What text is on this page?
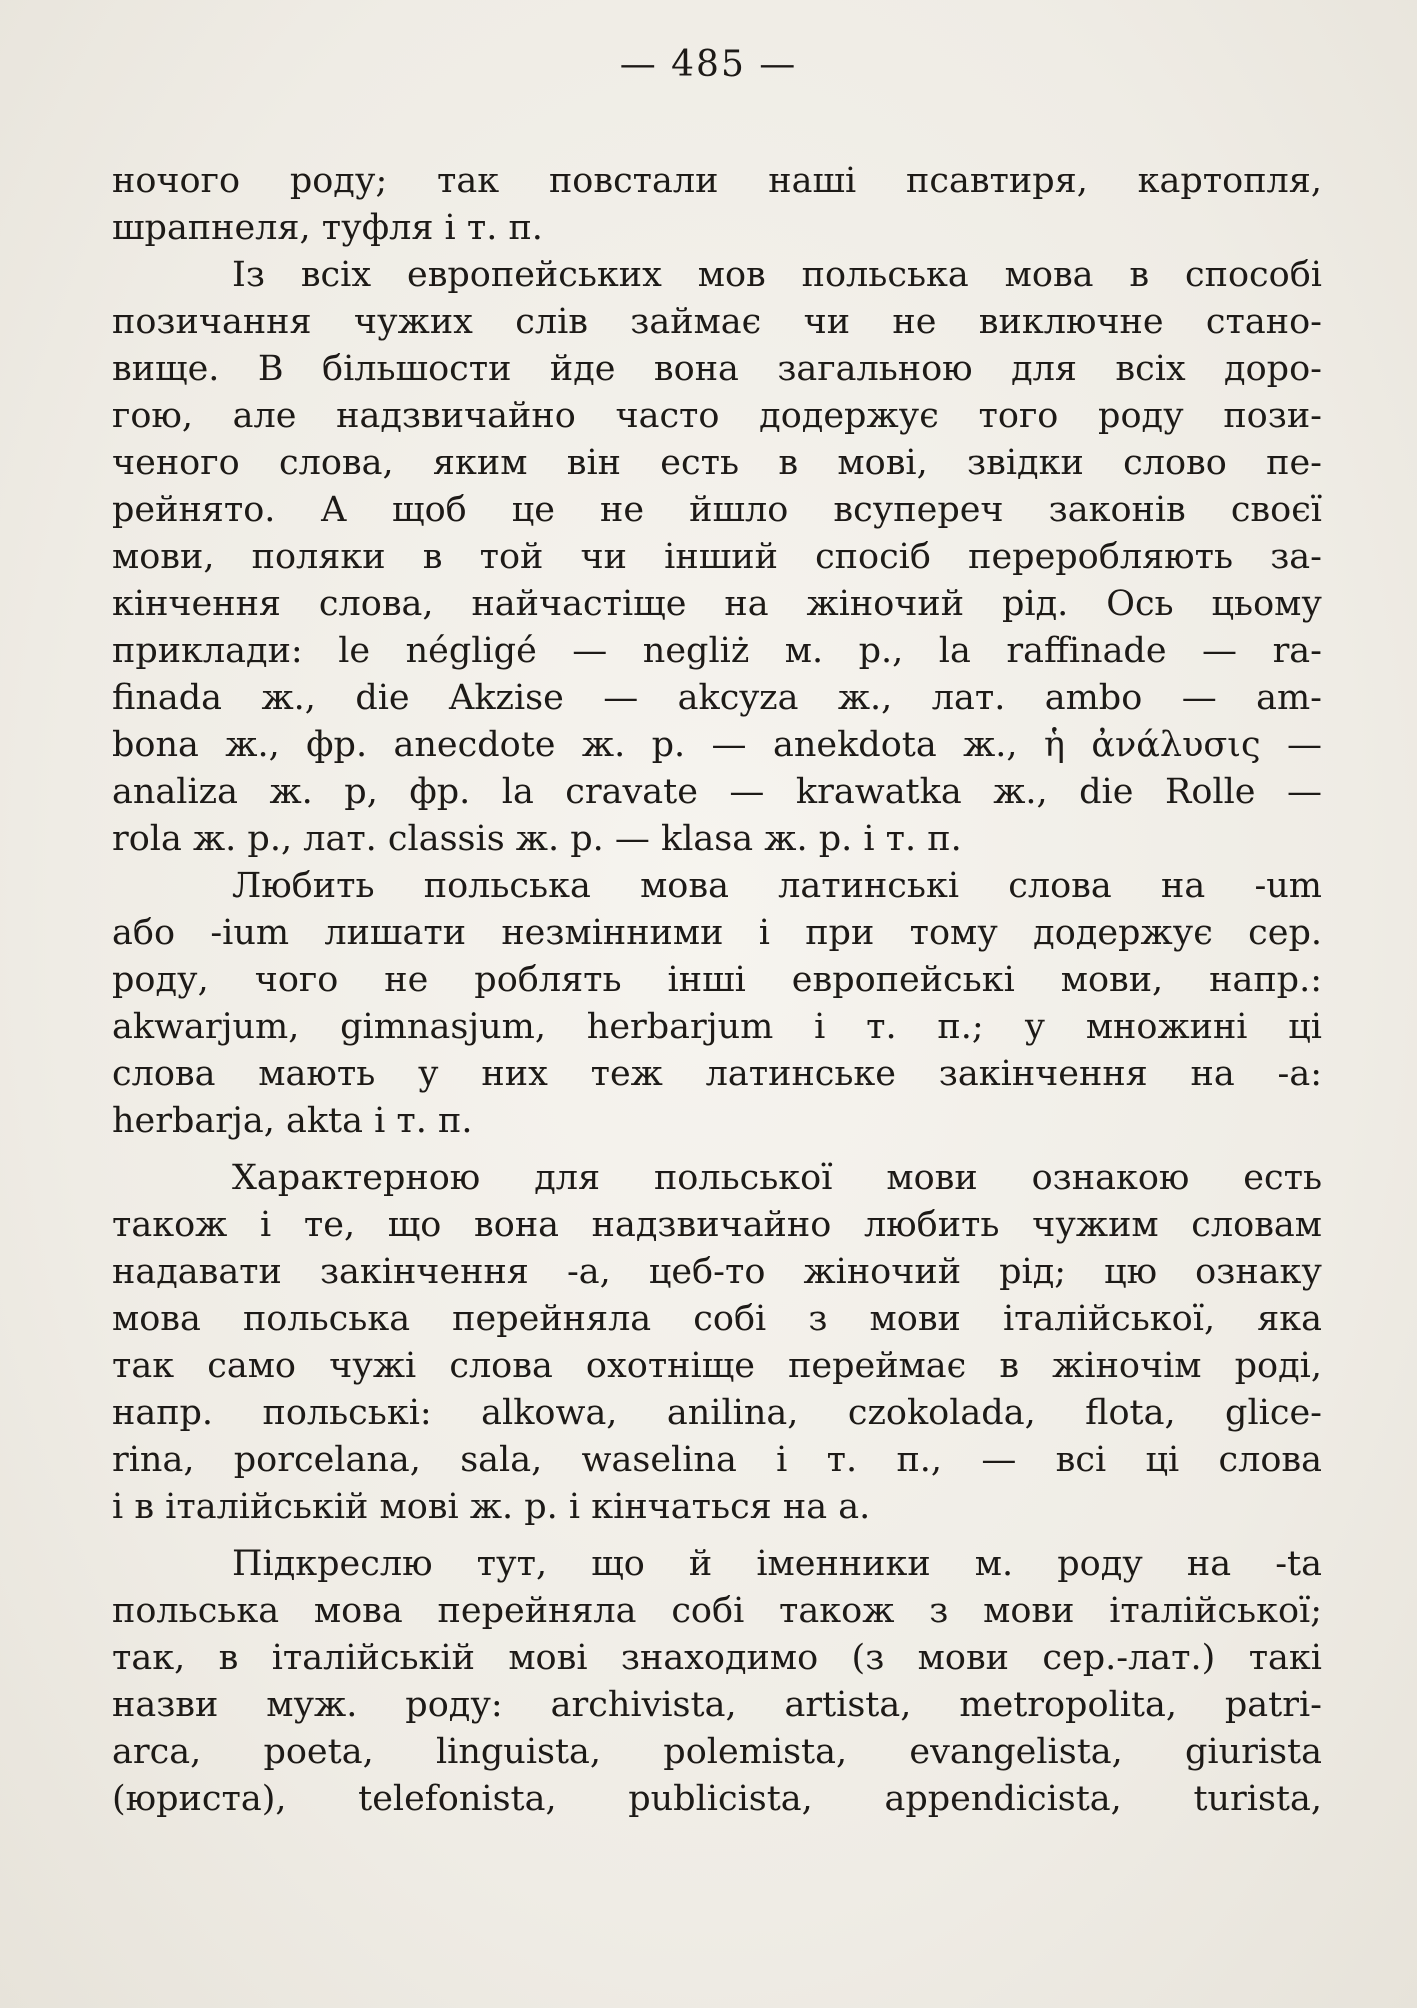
— 485 —
ночого роду; так повстали наші псавтиря, картопля,
шрапнеля, туфля і т. п.
Із всіх европейських мов польська мова в способі
позичання чужих слів займає чи не виключне стано-
вище. В більшости йде вона загальною для всіх доро-
гою, але надзвичайно часто додержує того роду пози-
ченого слова, яким він есть в мові, звідки слово пе-
рейнято. А щоб це не йшло всупереч законів своєї
мови, поляки в той чи інший спосіб переробляють за-
кінчення слова, найчастіще на жіночий рід. Ось цьому
приклади: le négligé — negliż м. р., la raffinade — ra-
finada ж., die Akzise — akcyza ж., лат. ambo — am-
bona ж., фр. anecdote ж. р. — anekdota ж., ἡ ἀνάλυσις —
analiza ж. р, фр. la cravate — krawatka ж., die Rolle —
rola ж. р., лат. classis ж. р. — klasa ж. р. і т. п.
Любить польська мова латинські слова на -um
або -ium лишати незмінними і при тому додержує сер.
роду, чого не роблять інші европейські мови, напр.:
akwarjum, gimnasjum, herbarjum і т. п.; у множині ці
слова мають у них теж латинське закінчення на -a:
herbarja, akta і т. п.
Характерною для польської мови ознакою есть
також і те, що вона надзвичайно любить чужим словам
надавати закінчення -a, цеб-то жіночий рід; цю ознаку
мова польська перейняла собі з мови італійської, яка
так само чужі слова охотніще переймає в жіночім роді,
напр. польські: alkowa, anilina, czokolada, flota, glice-
rina, porcelana, sala, waselina і т. п., — всі ці слова
і в італійській мові ж. р. і кінчаться на a.
Підкреслю тут, що й іменники м. роду на -ta
польська мова перейняла собі також з мови італійської;
так, в італійській мові знаходимо (з мови сер.-лат.) такі
назви муж. роду: archivista, artista, metropolita, patri-
arca, poeta, linguista, polemista, evangelista, giurista
(юриста), telefonista, publicista, appendicista, turista,
